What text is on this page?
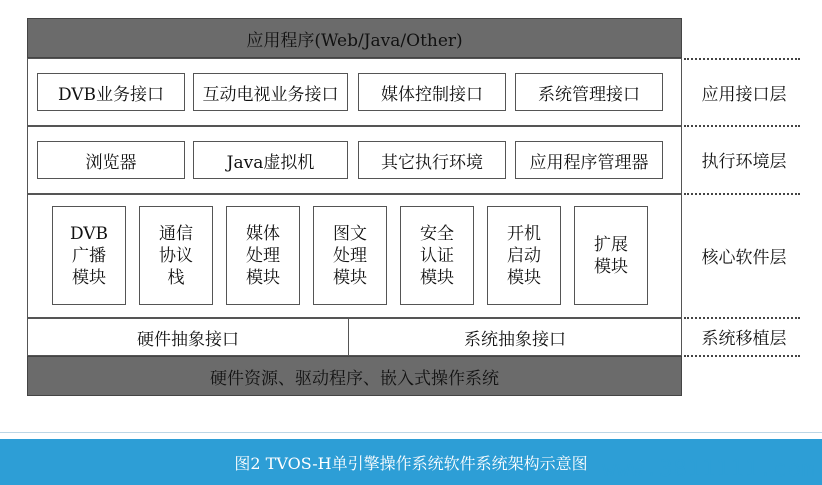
应用程序(Web/Java/Other)
DVB业务接口 互动电视业务接口	媒体控制接口	系统管理接口
浏览器	Java虚拟机	其它执行环境	应用程序管理器
DVB
广播
模块
通信
协议
栈
媒体
处理
模块
图文
处理
模块
安全
认证
模块
开机
启动
模块
扩展
模块
硬件抽象接口	系统抽象接口
硬件资源、驱动程序、嵌入式操作系统
应用接口层
执行环境层
核心软件层
系统移植层
图2 TVOS-H单引擎操作系统软件系统架构示意图 www.3811111.com
